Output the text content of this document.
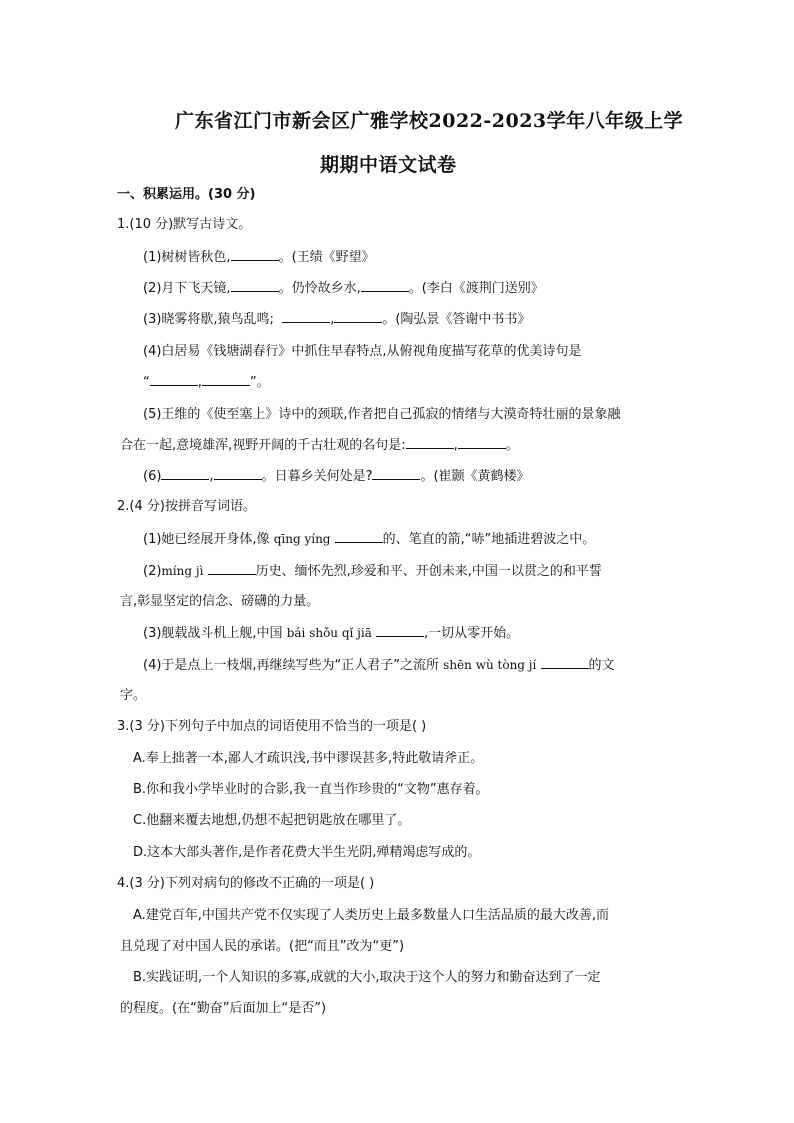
广东省江门市新会区广雅学校2022-2023学年八年级上学
期期中语文试卷
一、积累运用。(30 分)
1.(10 分)默写古诗文。
(1)树树皆秋色,	。(王绩《野望》
(2)月下飞天镜,	。仍怜故乡水,	。(李白《渡荆门送别》
(3)晓雾将歇,猿鸟乱鸣;	,	。(陶弘景《答谢中书书》
(4)白居易《钱塘湖春行》中抓住早春特点,从俯视角度描写花草的优美诗句是
“	,	”。
(5)王维的《使至塞上》诗中的颈联,作者把自己孤寂的情绪与大漠奇特壮丽的景象融
合在一起,意境雄浑,视野开阔的千古壮观的名句是:	,	。
(6)	,	。日暮乡关何处是?	。(崔颢《黄鹤楼》
2.(4 分)按拼音写词语。
(1)她已经展开身体,像 qīng yíng	的、笔直的箭,“哧”地插进碧波之中。
(2)míng jì	历史、缅怀先烈,珍爱和平、开创未来,中国一以贯之的和平誓
言,彰显坚定的信念、磅礴的力量。
(3)舰载战斗机上舰,中国 bái shǒu qǐ jiā	,一切从零开始。
(4)于是点上一枝烟,再继续写些为“正人君子”之流所 shēn wù tòng jí	的文
字。
3.(3 分)下列句子中加点的词语使用不恰当的一项是( )
A.奉上拙著一本,鄙人才疏识浅,书中谬误甚多,特此敬请斧正。
B.你和我小学毕业时的合影,我一直当作珍贵的“文物”惠存着。
C.他翻来覆去地想,仍想不起把钥匙放在哪里了。
D.这本大部头著作,是作者花费大半生光阴,殚精竭虑写成的。
4.(3 分)下列对病句的修改不正确的一项是( )
A.建党百年,中国共产党不仅实现了人类历史上最多数量人口生活品质的最大改善,而
且兑现了对中国人民的承诺。(把“而且”改为“更”)
B.实践证明,一个人知识的多寡,成就的大小,取决于这个人的努力和勤奋达到了一定
的程度。(在“勤奋”后面加上“是否”)
